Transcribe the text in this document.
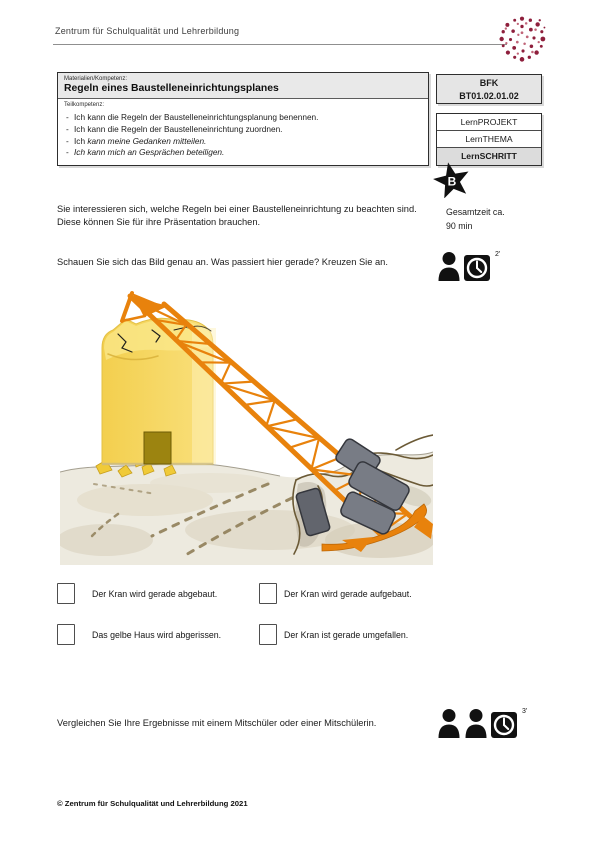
Zentrum für Schulqualität und Lehrerbildung
Materialien/Kompetenz:
Regeln eines Baustelleneinrichtungsplanes
Teilkompetenz:
- Ich kann die Regeln der Baustelleneinrichtungsplanung benennen.
- Ich kann die Regeln der Baustelleneinrichtung zuordnen.
- Ich kann meine Gedanken mitteilen.
- Ich kann mich an Gesprächen beteiligen.
BFK
BT01.02.01.02
LernPROJEKT
LernTHEMA
LernSCHRITT
B
Gesamtzeit ca.
90 min
Sie interessieren sich, welche Regeln bei einer Baustelleneinrichtung zu beachten sind.
Diese können Sie für ihre Präsentation brauchen.
Schauen Sie sich das Bild genau an. Was passiert hier gerade? Kreuzen Sie an.
2'
Der Kran wird gerade abgebaut.	Der Kran wird gerade aufgebaut.
Das gelbe Haus wird abgerissen.	Der Kran ist gerade umgefallen.
Vergleichen Sie Ihre Ergebnisse mit einem Mitschüler oder einer Mitschülerin.
3'
© Zentrum für Schulqualität und Lehrerbildung 2021
